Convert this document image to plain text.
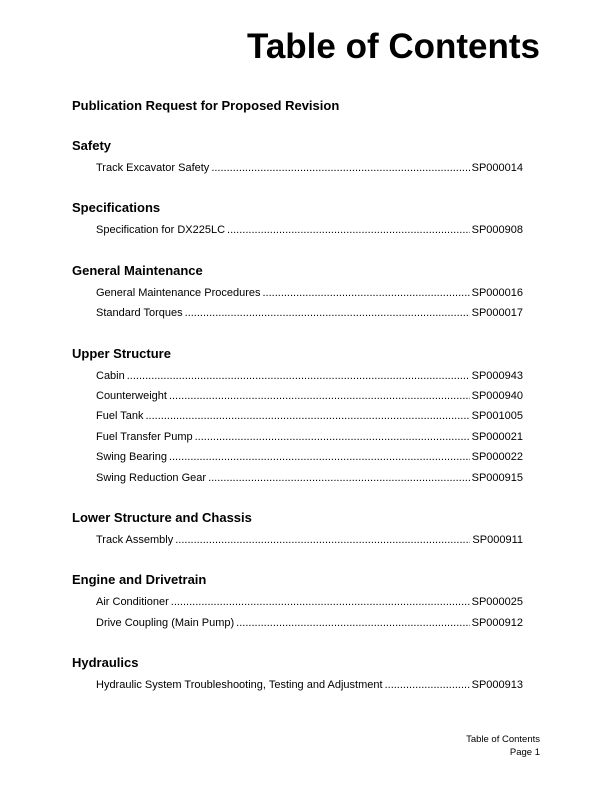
Table of Contents

Publication Request for Proposed Revision

Safety
Track Excavator Safety .....	SP000014
Specifications
Specification for DX225LC .....	SP000908
General Maintenance
General Maintenance Procedures .....	SP000016
Standard Torques .....	SP000017
Upper Structure
Cabin .....	SP000943
Counterweight .....	SP000940
Fuel Tank .....	SP001005
Fuel Transfer Pump .....	SP000021
Swing Bearing .....	SP000022
Swing Reduction Gear .....	SP000915
Lower Structure and Chassis
Track Assembly .....	SP000911
Engine and Drivetrain
Air Conditioner .....	SP000025
Drive Coupling (Main Pump) .....	SP000912
Hydraulics
Hydraulic System Troubleshooting, Testing and Adjustment .....	SP000913
Table of Contents
Page 1
